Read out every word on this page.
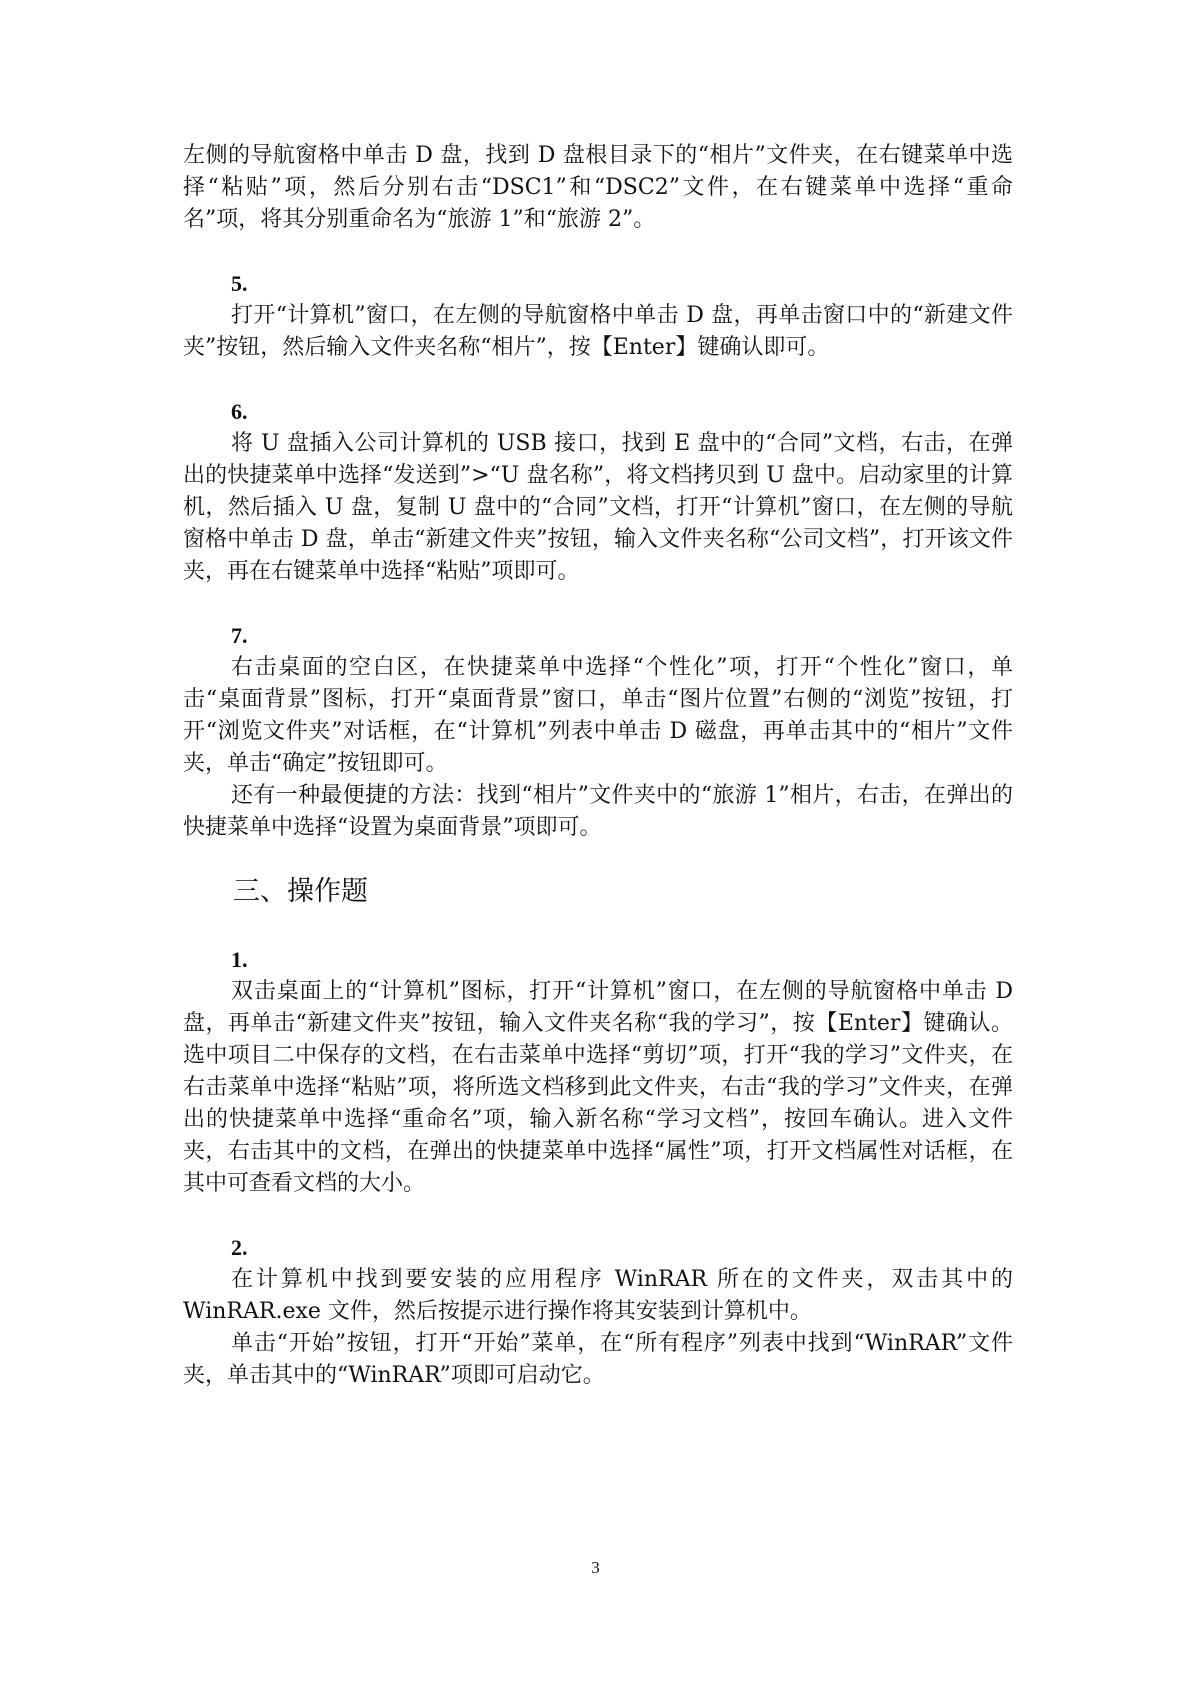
左侧的导航窗格中单击 D 盘，找到 D 盘根目录下的“相片”文件夹，在右键菜单中选择“粘贴”项，然后分别右击“DSC1”和“DSC2”文件，在右键菜单中选择“重命名”项，将其分别重命名为“旅游 1”和“旅游 2”。

5.

打开“计算机”窗口，在左侧的导航窗格中单击 D 盘，再单击窗口中的“新建文件夹”按钮，然后输入文件夹名称“相片”，按【Enter】键确认即可。

6.

将 U 盘插入公司计算机的 USB 接口，找到 E 盘中的“合同”文档，右击，在弹出的快捷菜单中选择“发送到”>“U 盘名称”，将文档拷贝到 U 盘中。启动家里的计算机，然后插入 U 盘，复制 U 盘中的“合同”文档，打开“计算机”窗口，在左侧的导航窗格中单击 D 盘，单击“新建文件夹”按钮，输入文件夹名称“公司文档”，打开该文件夹，再在右键菜单中选择“粘贴”项即可。

7.

右击桌面的空白区，在快捷菜单中选择“个性化”项，打开“个性化”窗口，单击“桌面背景”图标，打开“桌面背景”窗口，单击“图片位置”右侧的“浏览”按钮，打开“浏览文件夹”对话框，在“计算机”列表中单击 D 磁盘，再单击其中的“相片”文件夹，单击“确定”按钮即可。

还有一种最便捷的方法：找到“相片”文件夹中的“旅游 1”相片，右击，在弹出的快捷菜单中选择“设置为桌面背景”项即可。

三、操作题
1.

双击桌面上的“计算机”图标，打开“计算机”窗口，在左侧的导航窗格中单击 D 盘，再单击“新建文件夹”按钮，输入文件夹名称“我的学习”，按【Enter】键确认。选中项目二中保存的文档，在右击菜单中选择“剪切”项，打开“我的学习”文件夹，在右击菜单中选择“粘贴”项，将所选文档移到此文件夹，右击“我的学习”文件夹，在弹出的快捷菜单中选择“重命名”项，输入新名称“学习文档”，按回车确认。进入文件夹，右击其中的文档，在弹出的快捷菜单中选择“属性”项，打开文档属性对话框，在其中可查看文档的大小。

2.

在计算机中找到要安装的应用程序 WinRAR 所在的文件夹，双击其中的 WinRAR.exe 文件，然后按提示进行操作将其安装到计算机中。

单击“开始”按钮，打开“开始”菜单，在“所有程序”列表中找到“WinRAR”文件夹，单击其中的“WinRAR”项即可启动它。

3
